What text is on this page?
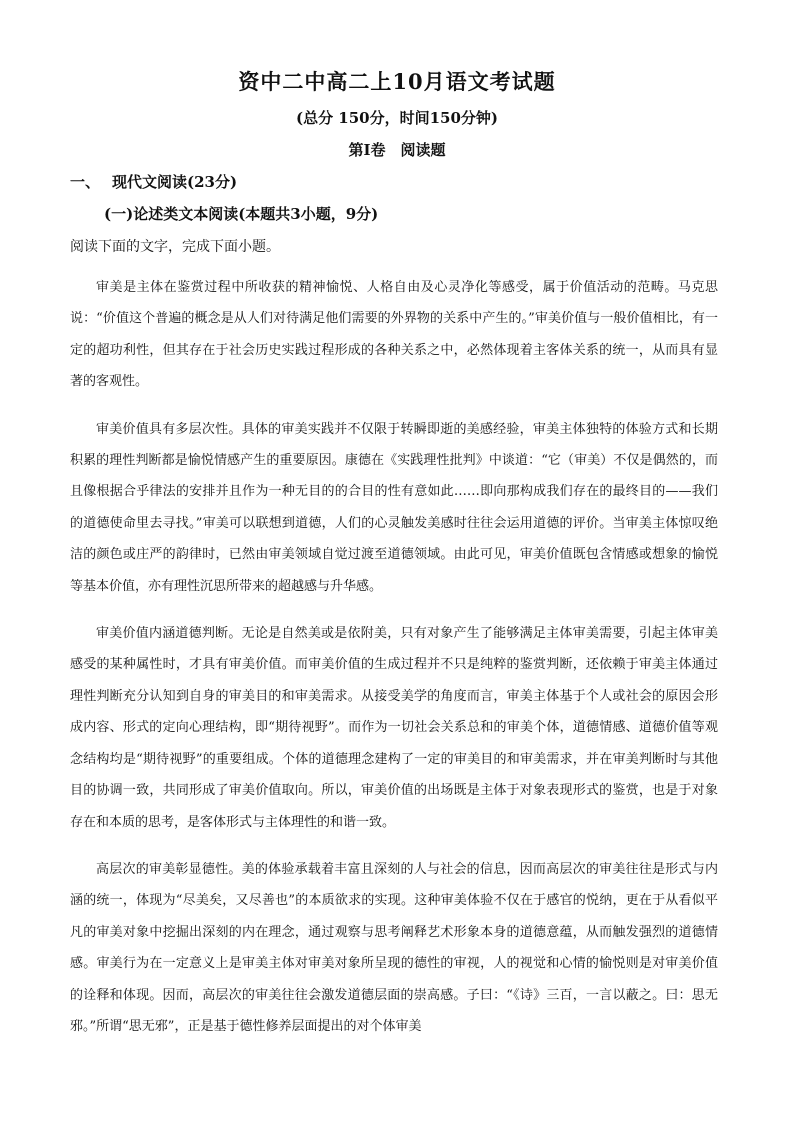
资中二中高二上10月语文考试题
(总分 150分，时间150分钟)
第Ⅰ卷　阅读题
一、 现代文阅读(23分)
(一)论述类文本阅读(本题共3小题，9分)
阅读下面的文字，完成下面小题。

审美是主体在鉴赏过程中所收获的精神愉悦、人格自由及心灵净化等感受，属于价值活动的范畴。马克思说：“价值这个普遍的概念是从人们对待满足他们需要的外界物的关系中产生的。”审美价值与一般价值相比，有一定的超功利性，但其存在于社会历史实践过程形成的各种关系之中，必然体现着主客体关系的统一，从而具有显著的客观性。

审美价值具有多层次性。具体的审美实践并不仅限于转瞬即逝的美感经验，审美主体独特的体验方式和长期积累的理性判断都是愉悦情感产生的重要原因。康德在《实践理性批判》中谈道：“它（审美）不仅是偶然的，而且像根据合乎律法的安排并且作为一种无目的的合目的性有意如此……即向那构成我们存在的最终目的——我们的道德使命里去寻找。”审美可以联想到道德，人们的心灵触发美感时往往会运用道德的评价。当审美主体惊叹绝洁的颜色或庄严的韵律时，已然由审美领域自觉过渡至道德领域。由此可见，审美价值既包含情感或想象的愉悦等基本价值，亦有理性沉思所带来的超越感与升华感。

审美价值内涵道德判断。无论是自然美或是依附美，只有对象产生了能够满足主体审美需要，引起主体审美感受的某种属性时，才具有审美价值。而审美价值的生成过程并不只是纯粹的鉴赏判断，还依赖于审美主体通过理性判断充分认知到自身的审美目的和审美需求。从接受美学的角度而言，审美主体基于个人或社会的原因会形成内容、形式的定向心理结构，即“期待视野”。而作为一切社会关系总和的审美个体，道德情感、道德价值等观念结构均是“期待视野”的重要组成。个体的道德理念建构了一定的审美目的和审美需求，并在审美判断时与其他目的协调一致，共同形成了审美价值取向。所以，审美价值的出场既是主体于对象表现形式的鉴赏，也是于对象存在和本质的思考，是客体形式与主体理性的和谐一致。

高层次的审美彰显德性。美的体验承载着丰富且深刻的人与社会的信息，因而高层次的审美往往是形式与内涵的统一，体现为“尽美矣，又尽善也”的本质欲求的实现。这种审美体验不仅在于感官的悦纳，更在于从看似平凡的审美对象中挖掘出深刻的内在理念，通过观察与思考阐释艺术形象本身的道德意蕴，从而触发强烈的道德情感。审美行为在一定意义上是审美主体对审美对象所呈现的德性的审视，人的视觉和心情的愉悦则是对审美价值的诠释和体现。因而，高层次的审美往往会激发道德层面的崇高感。子曰：“《诗》三百，一言以蔽之。曰：思无邪。”所谓“思无邪”，正是基于德性修养层面提出的对个体审美
